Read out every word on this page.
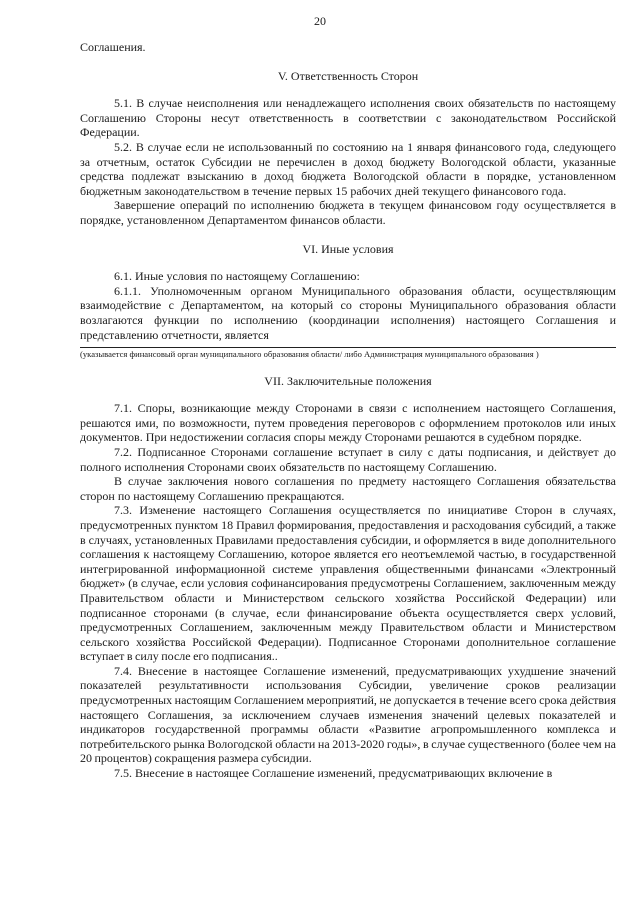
20

Соглашения.

V. Ответственность Сторон

5.1. В случае неисполнения или ненадлежащего исполнения своих обязательств по настоящему Соглашению Стороны несут ответственность в соответствии с законодательством Российской Федерации.

5.2. В случае если не использованный по состоянию на 1 января финансового года, следующего за отчетным, остаток Субсидии не перечислен в доход бюджету Вологодской области, указанные средства подлежат взысканию в доход бюджета Вологодской области в порядке, установленном бюджетным законодательством в течение первых 15 рабочих дней текущего финансового года.

Завершение операций по исполнению бюджета в текущем финансовом году осуществляется в порядке, установленном Департаментом финансов области.

VI. Иные условия

6.1. Иные условия по настоящему Соглашению:

6.1.1. Уполномоченным органом Муниципального образования области, осуществляющим взаимодействие с Департаментом, на который со стороны Муниципального образования области возлагаются функции по исполнению (координации исполнения) настоящего Соглашения и представлению отчетности, является

(указывается финансовый орган муниципального образования области/ либо Администрация муниципального образования )

VII. Заключительные положения

7.1. Споры, возникающие между Сторонами в связи с исполнением настоящего Соглашения, решаются ими, по возможности, путем проведения переговоров с оформлением протоколов или иных документов. При недостижении согласия споры между Сторонами решаются в судебном порядке.

7.2. Подписанное Сторонами соглашение вступает в силу с даты подписания, и действует до полного исполнения Сторонами своих обязательств по настоящему Соглашению.

В случае заключения нового соглашения по предмету настоящего Соглашения обязательства сторон по настоящему Соглашению прекращаются.

7.3. Изменение настоящего Соглашения осуществляется по инициативе Сторон в случаях, предусмотренных пунктом 18 Правил формирования, предоставления и расходования субсидий, а также в случаях, установленных Правилами предоставления субсидии, и оформляется в виде дополнительного соглашения к настоящему Соглашению, которое является его неотъемлемой частью, в государственной интегрированной информационной системе управления общественными финансами «Электронный бюджет» (в случае, если условия софинансирования предусмотрены Соглашением, заключенным между Правительством области и Министерством сельского хозяйства Российской Федерации) или подписанное сторонами (в случае, если финансирование объекта осуществляется сверх условий, предусмотренных Соглашением, заключенным между Правительством области и Министерством сельского хозяйства Российской Федерации). Подписанное Сторонами дополнительное соглашение вступает в силу после его подписания..

7.4. Внесение в настоящее Соглашение изменений, предусматривающих ухудшение значений показателей результативности использования Субсидии, увеличение сроков реализации предусмотренных настоящим Соглашением мероприятий, не допускается в течение всего срока действия настоящего Соглашения, за исключением случаев изменения значений целевых показателей и индикаторов государственной программы области «Развитие агропромышленного комплекса и потребительского рынка Вологодской области на 2013-2020 годы», в случае существенного (более чем на 20 процентов) сокращения размера субсидии.

7.5. Внесение в настоящее Соглашение изменений, предусматривающих включение в
